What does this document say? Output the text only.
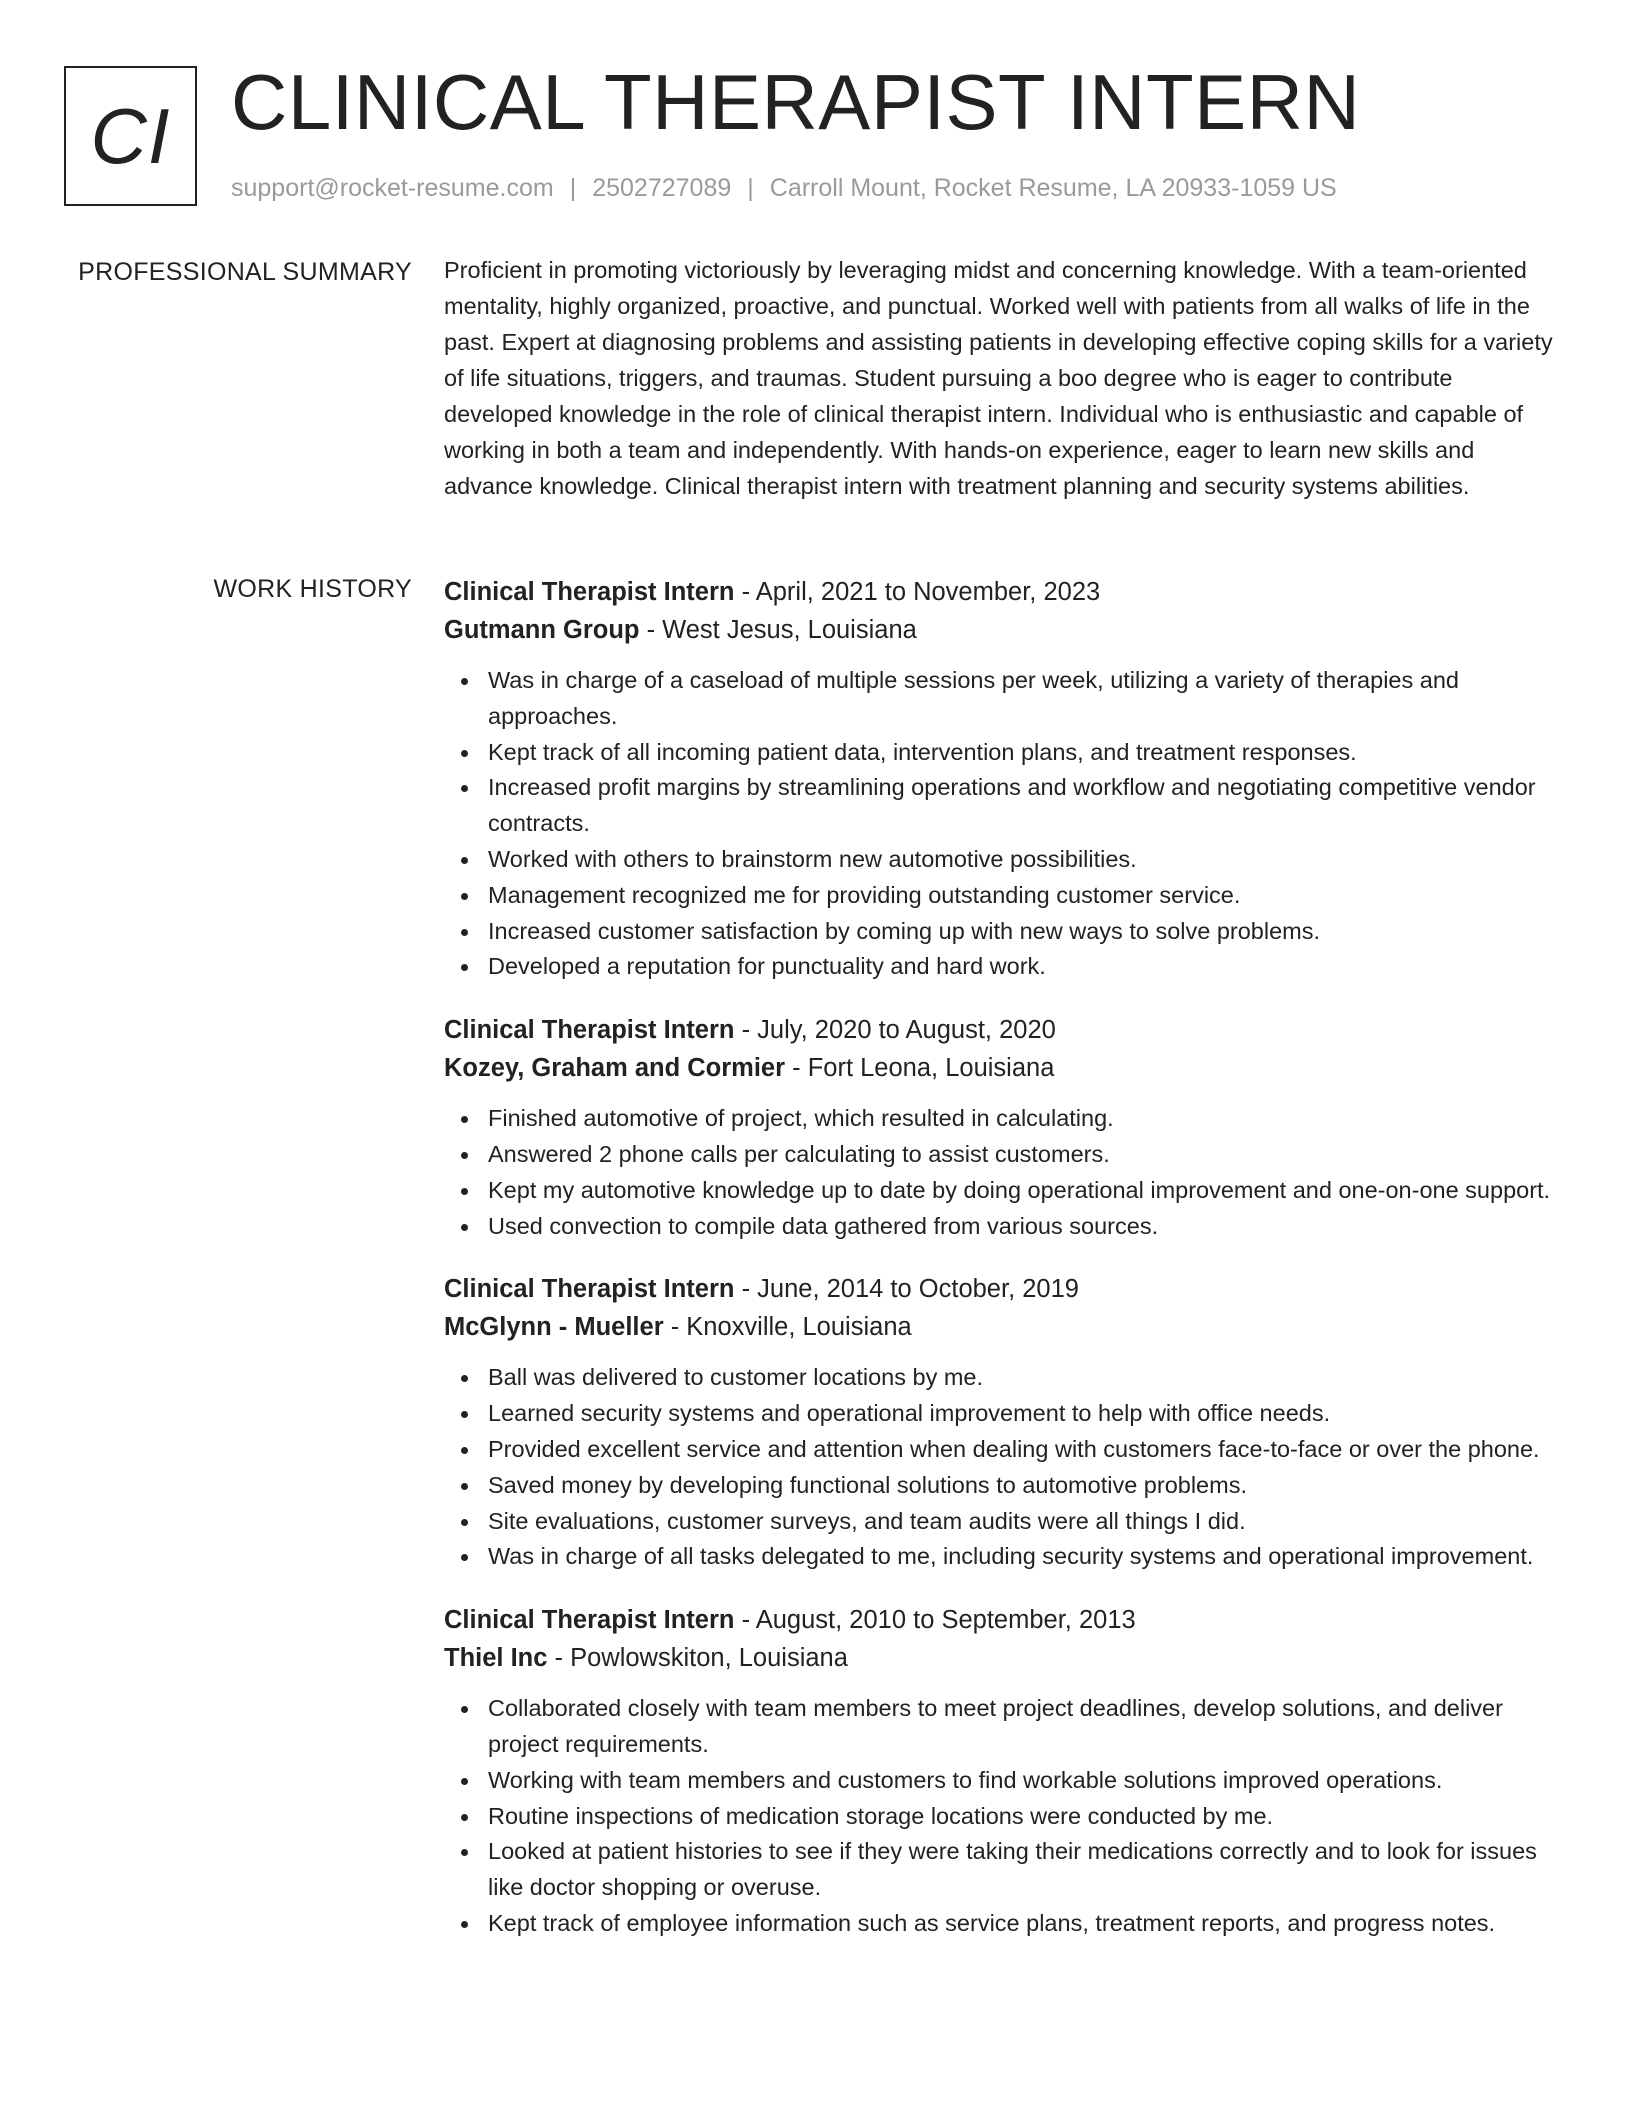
CI CLINICAL THERAPIST INTERN
support@rocket-resume.com | 2502727089 | Carroll Mount, Rocket Resume, LA 20933-1059 US
PROFESSIONAL SUMMARY Proficient in promoting victoriously by leveraging midst and concerning knowledge. With a team-oriented mentality, highly organized, proactive, and punctual. Worked well with patients from all walks of life in the past. Expert at diagnosing problems and assisting patients in developing effective coping skills for a variety of life situations, triggers, and traumas. Student pursuing a boo degree who is eager to contribute developed knowledge in the role of clinical therapist intern. Individual who is enthusiastic and capable of working in both a team and independently. With hands-on experience, eager to learn new skills and advance knowledge. Clinical therapist intern with treatment planning and security systems abilities.

WORK HISTORY Clinical Therapist Intern - April, 2021 to November, 2023
Gutmann Group - West Jesus, Louisiana
Was in charge of a caseload of multiple sessions per week, utilizing a variety of therapies and approaches.
Kept track of all incoming patient data, intervention plans, and treatment responses.
Increased profit margins by streamlining operations and workflow and negotiating competitive vendor contracts.
Worked with others to brainstorm new automotive possibilities.
Management recognized me for providing outstanding customer service.
Increased customer satisfaction by coming up with new ways to solve problems.
Developed a reputation for punctuality and hard work.
Clinical Therapist Intern - July, 2020 to August, 2020
Kozey, Graham and Cormier - Fort Leona, Louisiana
Finished automotive of project, which resulted in calculating.
Answered 2 phone calls per calculating to assist customers.
Kept my automotive knowledge up to date by doing operational improvement and one-on-one support.
Used convection to compile data gathered from various sources.
Clinical Therapist Intern - June, 2014 to October, 2019
McGlynn - Mueller - Knoxville, Louisiana
Ball was delivered to customer locations by me.
Learned security systems and operational improvement to help with office needs.
Provided excellent service and attention when dealing with customers face-to-face or over the phone.
Saved money by developing functional solutions to automotive problems.
Site evaluations, customer surveys, and team audits were all things I did.
Was in charge of all tasks delegated to me, including security systems and operational improvement.
Clinical Therapist Intern - August, 2010 to September, 2013
Thiel Inc - Powlowskiton, Louisiana
Collaborated closely with team members to meet project deadlines, develop solutions, and deliver project requirements.
Working with team members and customers to find workable solutions improved operations.
Routine inspections of medication storage locations were conducted by me.
Looked at patient histories to see if they were taking their medications correctly and to look for issues like doctor shopping or overuse.
Kept track of employee information such as service plans, treatment reports, and progress notes.
